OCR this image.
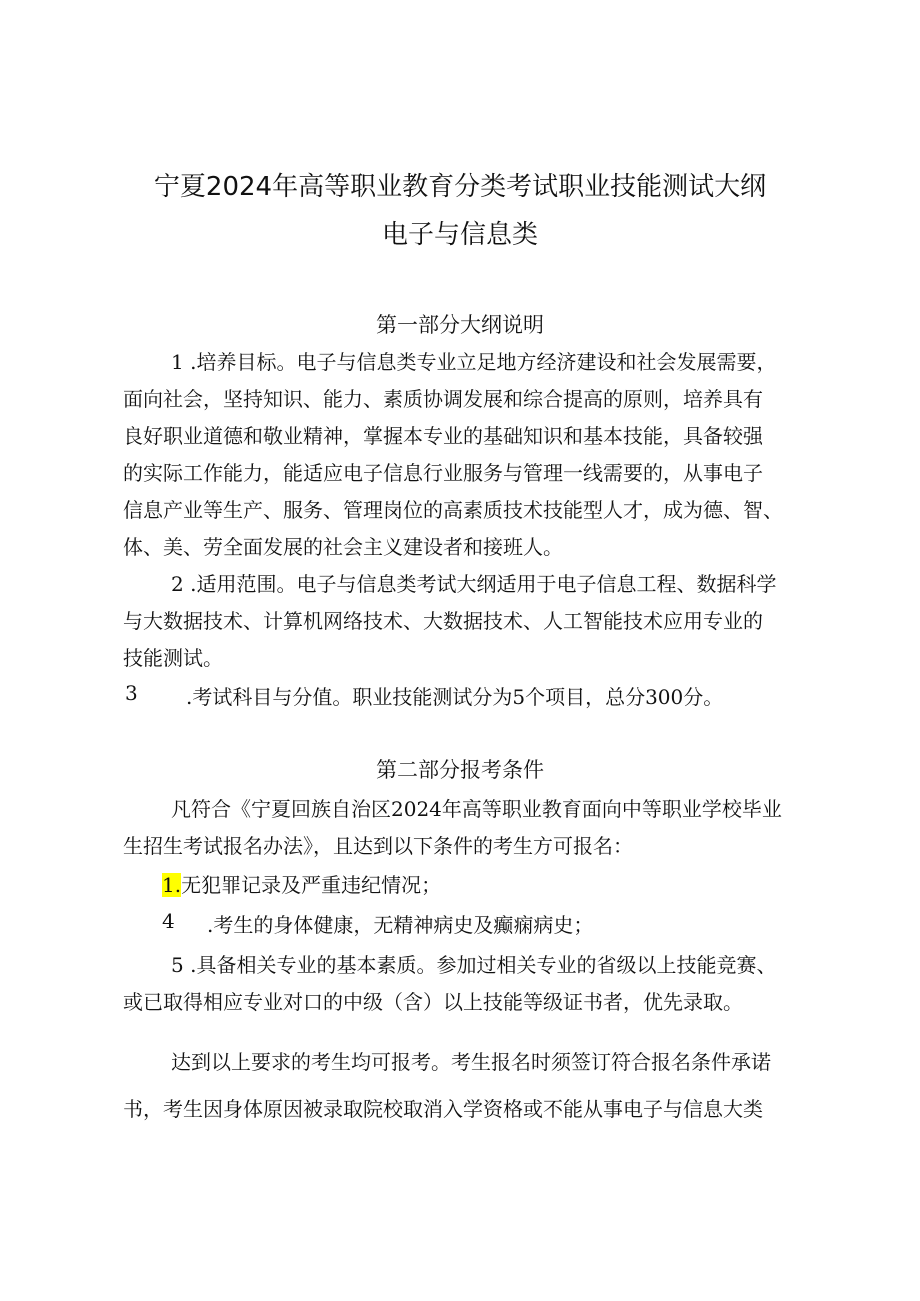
宁夏2024年高等职业教育分类考试职业技能测试大纲
电子与信息类
第一部分大纲说明
1 .培养目标。电子与信息类专业立足地方经济建设和社会发展需要，
面向社会，坚持知识、能力、素质协调发展和综合提高的原则，培养具有
良好职业道德和敬业精神，掌握本专业的基础知识和基本技能，具备较强
的实际工作能力，能适应电子信息行业服务与管理一线需要的，从事电子
信息产业等生产、服务、管理岗位的高素质技术技能型人才，成为德、智、
体、美、劳全面发展的社会主义建设者和接班人。
2 .适用范围。电子与信息类考试大纲适用于电子信息工程、数据科学
与大数据技术、计算机网络技术、大数据技术、人工智能技术应用专业的
技能测试。
3 .考试科目与分值。职业技能测试分为5个项目，总分300分。
第二部分报考条件
凡符合《宁夏回族自治区2024年高等职业教育面向中等职业学校毕业
生招生考试报名办法》，且达到以下条件的考生方可报名：
1.无犯罪记录及严重违纪情况；
4 .考生的身体健康，无精神病史及癫痫病史；
5 .具备相关专业的基本素质。参加过相关专业的省级以上技能竞赛、
或已取得相应专业对口的中级（含）以上技能等级证书者，优先录取。
达到以上要求的考生均可报考。考生报名时须签订符合报名条件承诺
书，考生因身体原因被录取院校取消入学资格或不能从事电子与信息大类
